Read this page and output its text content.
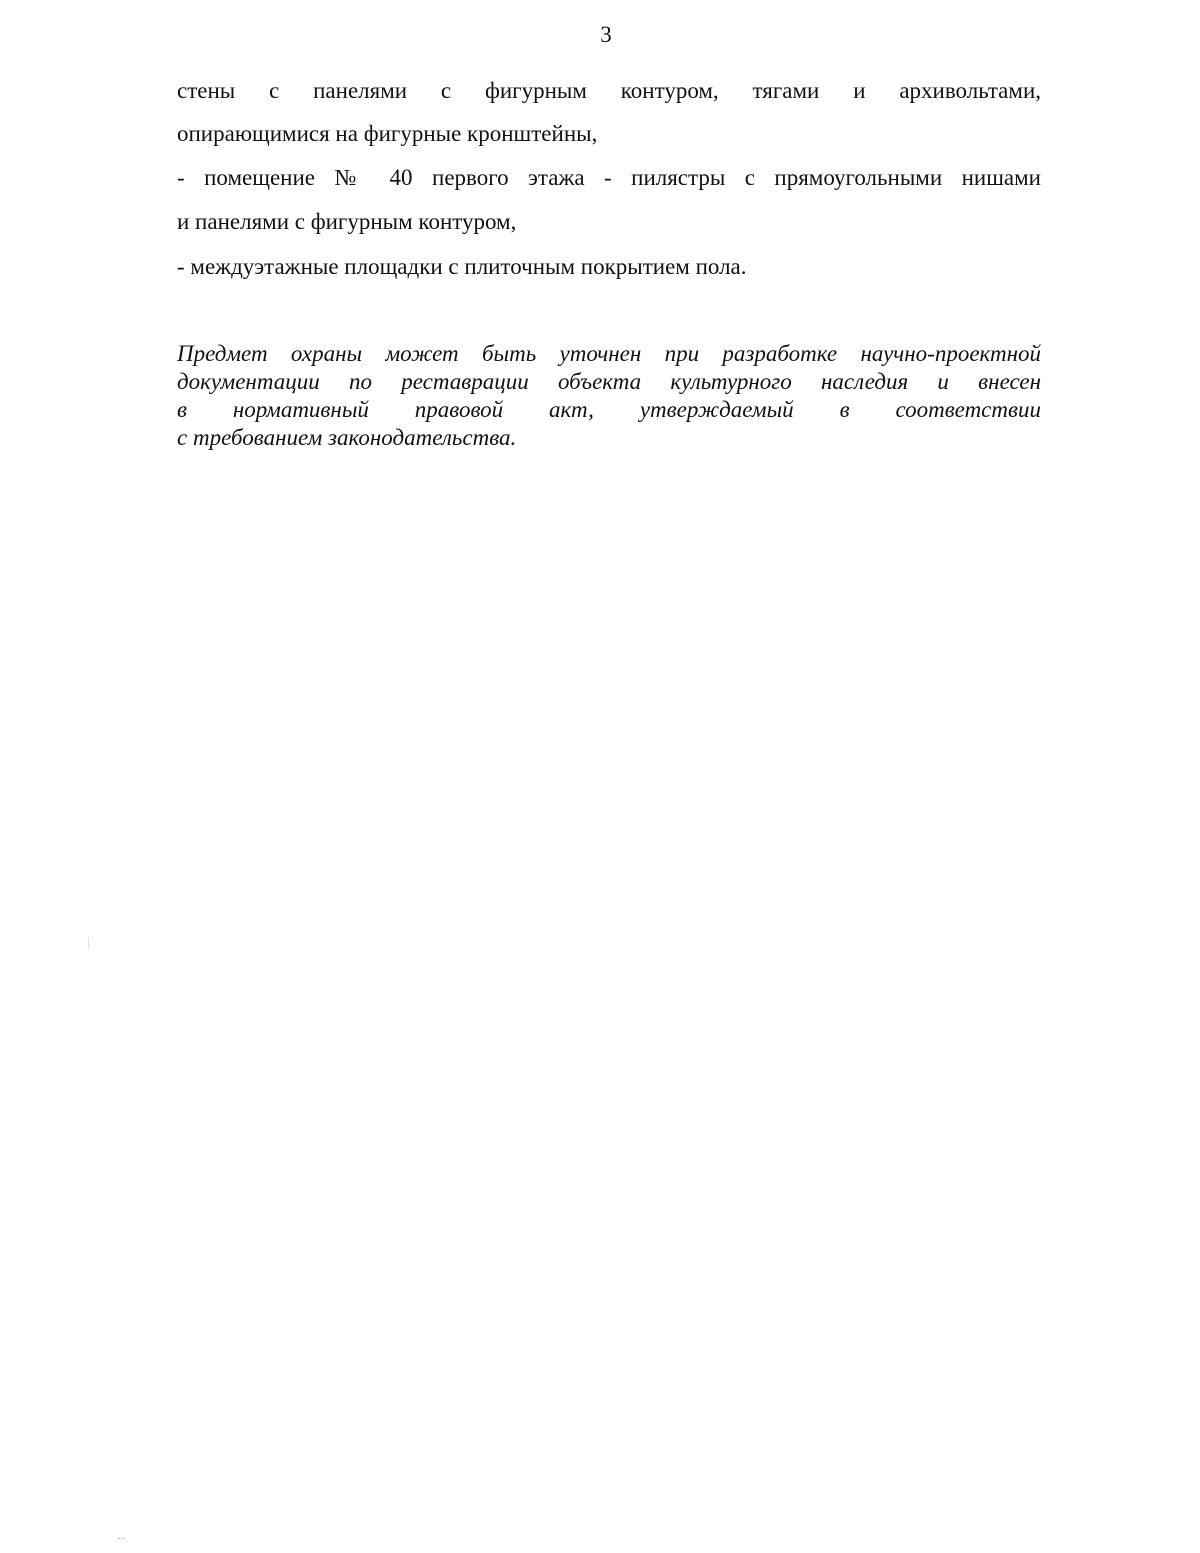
3
стены с панелями с фигурным контуром, тягами и архивольтами,
опирающимися на фигурные кронштейны,
- помещение № 40 первого этажа - пилястры с прямоугольными нишами
и панелями с фигурным контуром,
- междуэтажные площадки с плиточным покрытием пола.
Предмет охраны может быть уточнен при разработке научно-проектной
документации по реставрации объекта культурного наследия и внесен
в нормативный правовой акт, утверждаемый в соответствии
с требованием законодательства.
